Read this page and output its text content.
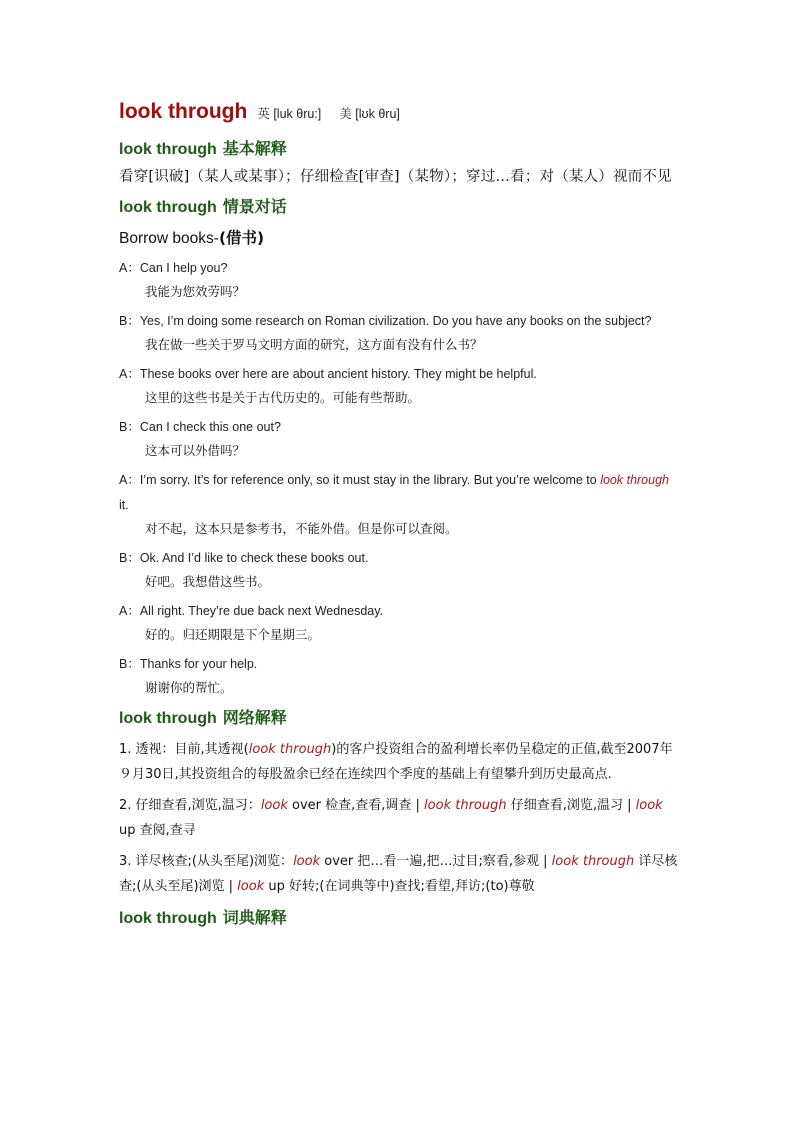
look through 英 [luk θru:] 美 [lʊk θru]
look through 基本解释
看穿[识破]（某人或某事）；仔细检查[审查]（某物）；穿过…看；对（某人）视而不见
look through 情景对话
Borrow books-(借书)
A：Can I help you?
我能为您效劳吗？
B：Yes, I’m doing some research on Roman civilization. Do you have any books on the subject?
我在做一些关于罗马文明方面的研究，这方面有没有什么书？
A：These books over here are about ancient history. They might be helpful.
这里的这些书是关于古代历史的。可能有些帮助。
B：Can I check this one out?
这本可以外借吗？
A：I’m sorry. It’s for reference only, so it must stay in the library. But you’re welcome to look through it.
对不起，这本只是参考书，不能外借。但是你可以查阅。
B：Ok. And I’d like to check these books out.
好吧。我想借这些书。
A：All right. They’re due back next Wednesday.
好的。归还期限是下个星期三。
B：Thanks for your help.
谢谢你的帮忙。
look through 网络解释
1. 透视：目前,其透视(look through)的客户投资组合的盈利增长率仍呈稳定的正值,截至2007年９月30日,其投资组合的每股盈余已经在连续四个季度的基础上有望攀升到历史最高点.
2. 仔细查看,浏览,温习：look over 检查,查看,调查 | look through 仔细查看,浏览,温习 | look up 查阅,查寻
3. 详尽核查;(从头至尾)浏览：look over 把…看一遍,把…过目;察看,参观 | look through 详尽核查;(从头至尾)浏览 | look up 好转;(在词典等中)查找;看望,拜访;(to)尊敬
look through 词典解释
